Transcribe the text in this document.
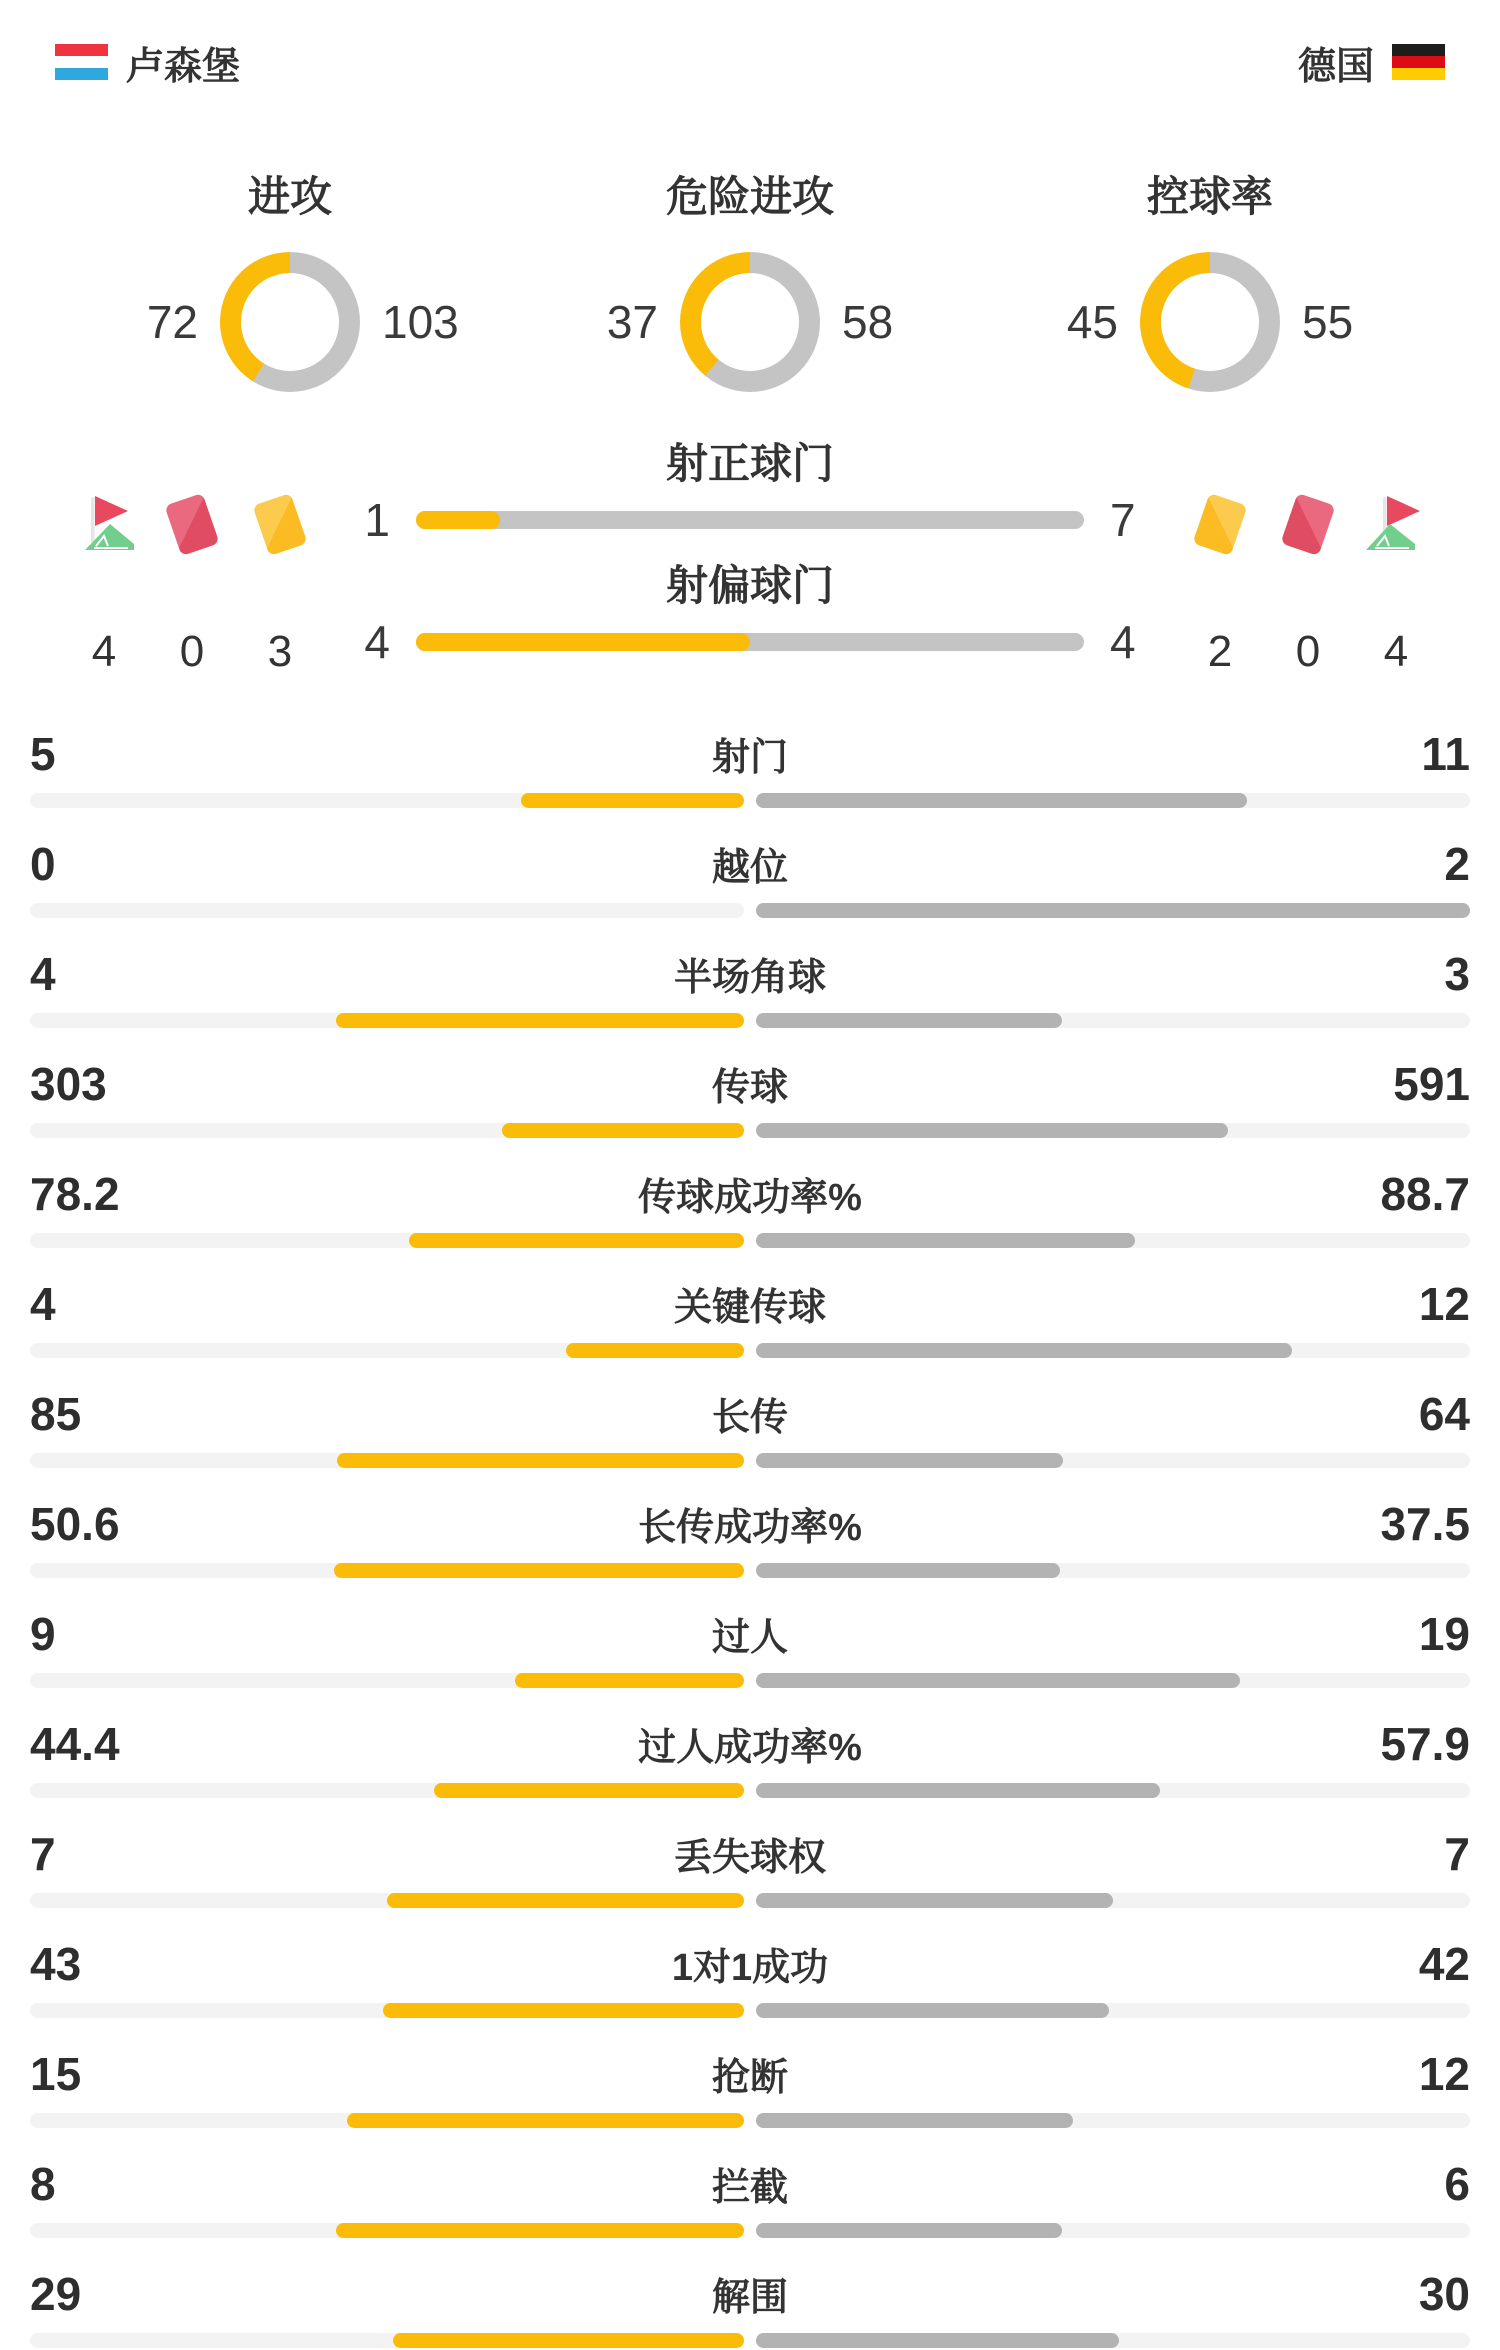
卢森堡	德国
进攻
72	103
危险进攻
37	58
控球率
45	55
4	0	3
射正球门
1	7
射偏球门
4	4	2	0	4
5	射门	11
0	越位	2
4	半场角球	3
303	传球	591
78.2	传球成功率%	88.7
4	关键传球	12
85	长传	64
50.6	长传成功率%	37.5
9	过人	19
44.4	过人成功率%	57.9
7	丢失球权	7
43	1对1成功	42
15	抢断	12
8	拦截	6
29	解围	30
